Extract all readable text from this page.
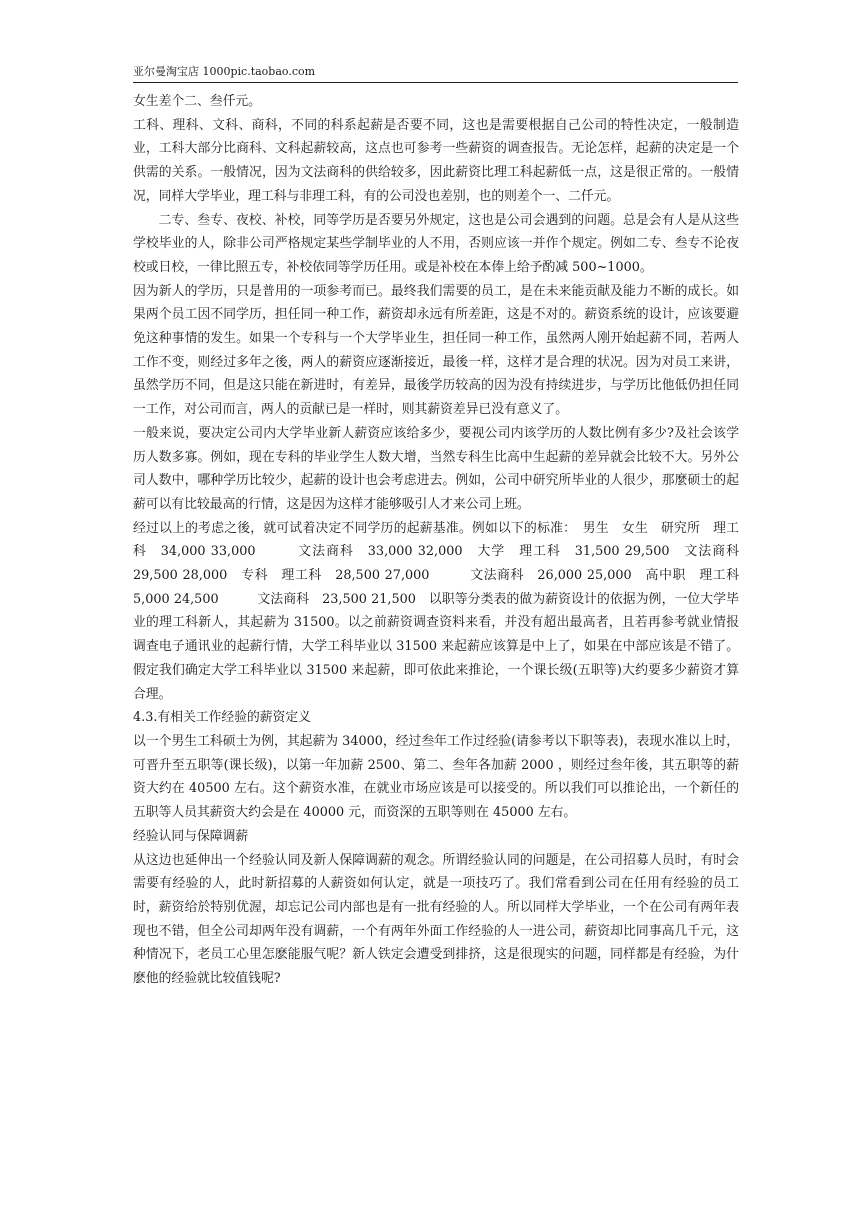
亚尔曼淘宝店 1000pic.taobao.com

女生差个二、叁仟元。

工科、理科、文科、商科，不同的科系起薪是否要不同，这也是需要根据自己公司的特性决定，一般制造业，工科大部分比商科、文科起薪较高，这点也可参考一些薪资的调查报告。无论怎样，起薪的决定是一个供需的关系。一般情况，因为文法商科的供给较多，因此薪资比理工科起薪低一点，这是很正常的。一般情况，同样大学毕业，理工科与非理工科，有的公司没也差别，也的则差个一、二仟元。

二专、叁专、夜校、补校，同等学历是否要另外规定，这也是公司会遇到的问题。总是会有人是从这些学校毕业的人，除非公司严格规定某些学制毕业的人不用，否则应该一并作个规定。例如二专、叁专不论夜校或日校，一律比照五专，补校依同等学历任用。或是补校在本俸上给予酌减 500~1000。

因为新人的学历，只是普用的一项参考而已。最终我们需要的员工，是在未来能贡献及能力不断的成长。如果两个员工因不同学历，担任同一种工作，薪资却永远有所差距，这是不对的。薪资系统的设计，应该要避免这种事情的发生。如果一个专科与一个大学毕业生，担任同一种工作，虽然两人刚开始起薪不同，若两人工作不变，则经过多年之後，两人的薪资应逐渐接近，最後一样，这样才是合理的状况。因为对员工来讲，虽然学历不同，但是这只能在新进时，有差异，最後学历较高的因为没有持续进步，与学历比他低仍担任同一工作，对公司而言，两人的贡献已是一样时，则其薪资差异已没有意义了。

一般来说，要决定公司内大学毕业新人薪资应该给多少，要视公司内该学历的人数比例有多少?及社会该学历人数多寡。例如，现在专科的毕业学生人数大增，当然专科生比高中生起薪的差异就会比较不大。另外公司人数中，哪种学历比较少，起薪的设计也会考虑进去。例如，公司中研究所毕业的人很少，那麼硕士的起薪可以有比较最高的行情，这是因为这样才能够吸引人才来公司上班。

经过以上的考虑之後，就可试着决定不同学历的起薪基准。例如以下的标准：　男生　女生　研究所　理工科　34,000 33,000　　　文法商科　33,000 32,000　大学　理工科　31,500 29,500　文法商科　29,500 28,000　专科　理工科　28,500 27,000　　　文法商科　26,000 25,000　高中职　理工科　5,000 24,500　　　文法商科　23,500 21,500　以职等分类表的做为薪资设计的依据为例，一位大学毕业的理工科新人，其起薪为 31500。以之前薪资调查资料来看，并没有超出最高者，且若再参考就业情报调查电子通讯业的起薪行情，大学工科毕业以 31500 来起薪应该算是中上了，如果在中部应该是不错了。假定我们确定大学工科毕业以 31500 来起薪，即可依此来推论，一个课长级(五职等)大约要多少薪资才算合理。

4.3.有相关工作经验的薪资定义

以一个男生工科硕士为例，其起薪为 34000，经过叁年工作过经验(请参考以下职等表)，表现水准以上时，可晋升至五职等(课长级)，以第一年加薪 2500、第二、叁年各加薪 2000 ，则经过叁年後，其五职等的薪资大约在 40500 左右。这个薪资水准，在就业市场应该是可以接受的。所以我们可以推论出，一个新任的五职等人员其薪资大约会是在 40000 元，而资深的五职等则在 45000 左右。

经验认同与保障调薪

从这边也延伸出一个经验认同及新人保障调薪的观念。所谓经验认同的问题是，在公司招募人员时，有时会需要有经验的人，此时新招募的人薪资如何认定，就是一项技巧了。我们常看到公司在任用有经验的员工时，薪资给於特别优渥，却忘记公司内部也是有一批有经验的人。所以同样大学毕业，一个在公司有两年表现也不错，但全公司却两年没有调薪，一个有两年外面工作经验的人一进公司，薪资却比同事高几千元，这种情况下，老员工心里怎麽能服气呢？新人铁定会遭受到排挤，这是很现实的问题，同样都是有经验，为什麽他的经验就比较值钱呢?
